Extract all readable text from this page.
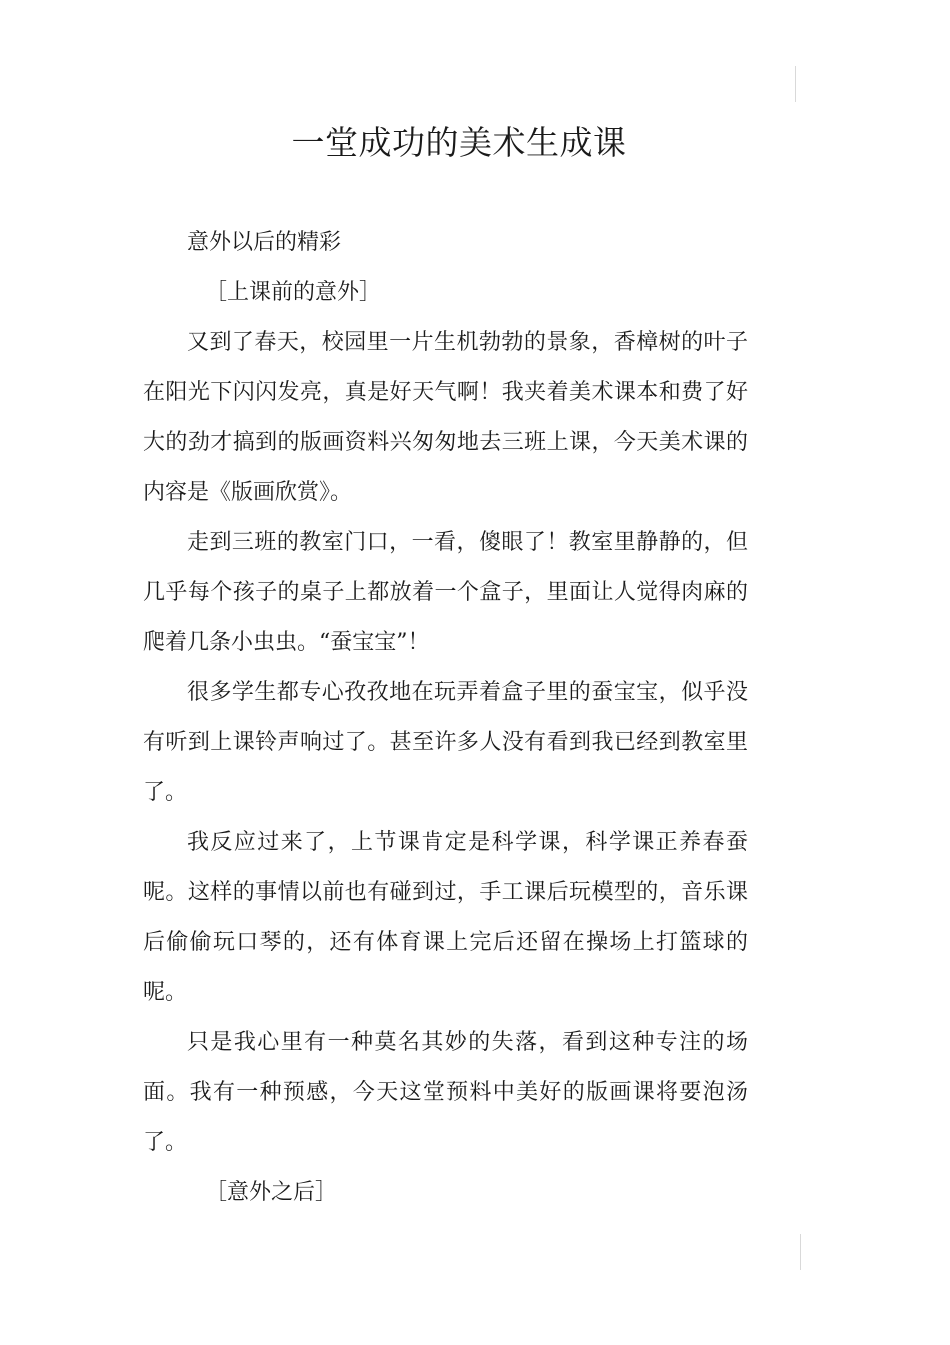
一堂成功的美术生成课

意外以后的精彩

［上课前的意外］

又到了春天，校园里一片生机勃勃的景象，香樟树的叶子在阳光下闪闪发亮，真是好天气啊！我夹着美术课本和费了好大的劲才搞到的版画资料兴匆匆地去三班上课，今天美术课的内容是《版画欣赏》。

走到三班的教室门口，一看，傻眼了！教室里静静的，但几乎每个孩子的桌子上都放着一个盒子，里面让人觉得肉麻的爬着几条小虫虫。“蚕宝宝”！

很多学生都专心孜孜地在玩弄着盒子里的蚕宝宝，似乎没有听到上课铃声响过了。甚至许多人没有看到我已经到教室里了。

我反应过来了，上节课肯定是科学课，科学课正养春蚕呢。这样的事情以前也有碰到过，手工课后玩模型的，音乐课后偷偷玩口琴的，还有体育课上完后还留在操场上打篮球的呢。

只是我心里有一种莫名其妙的失落，看到这种专注的场面。我有一种预感，今天这堂预料中美好的版画课将要泡汤了。

［意外之后］
